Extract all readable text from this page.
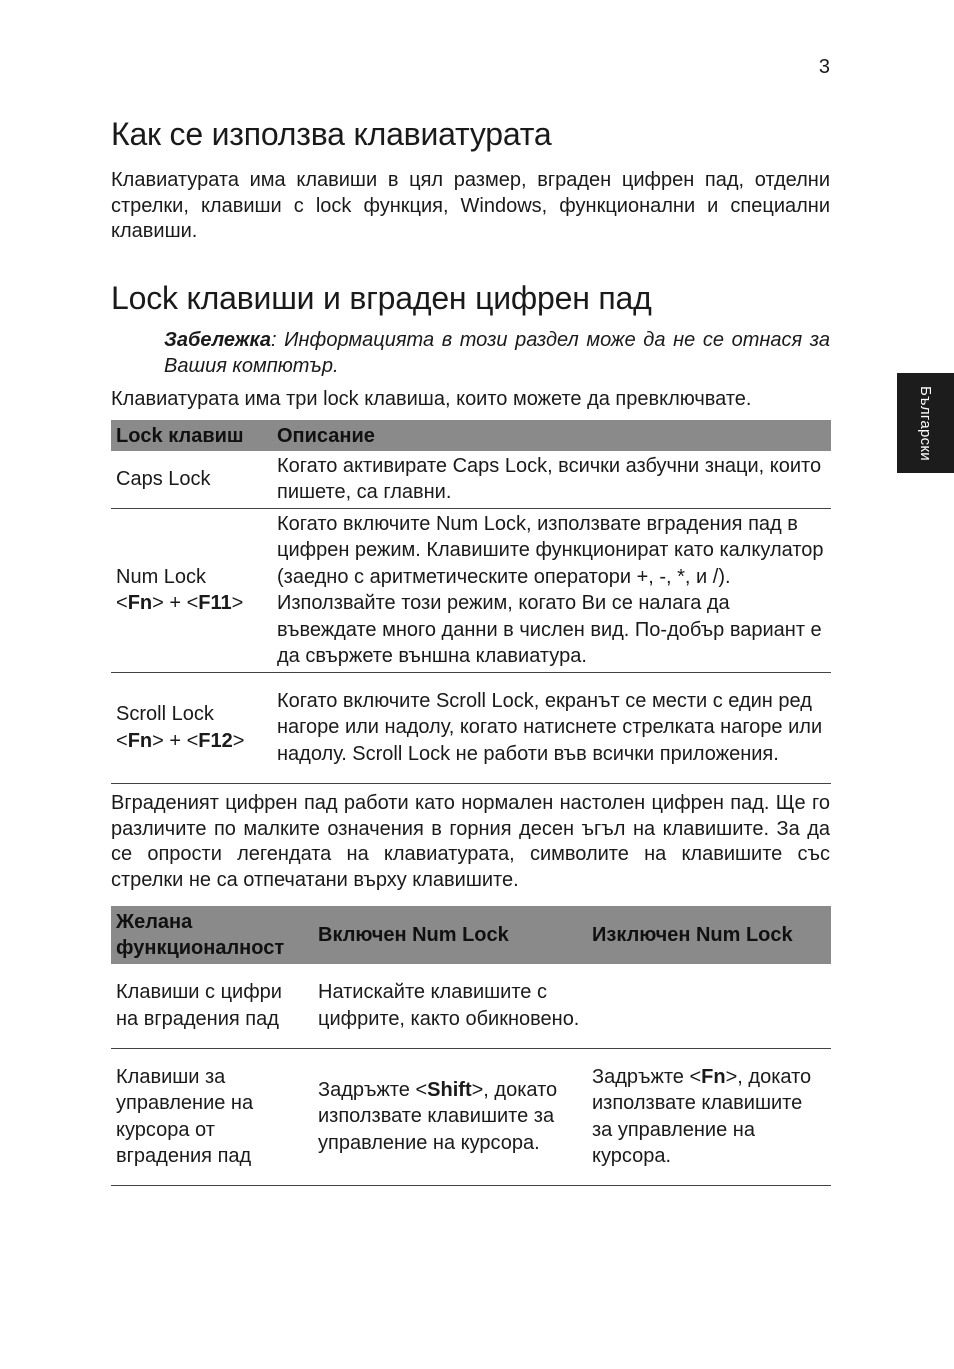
3
Български
Как се използва клавиатурата

Клавиатурата има клавиши в цял размер, вграден цифрен пад, отделни стрелки, клавиши с lock функция, Windows, функционални и специални клавиши.

Lock клавиши и вграден цифрен пад

Забележка: Информацията в този раздел може да не се отнася за Вашия компютър.

Клавиатурата има три lock клавиша, които можете да превключвате.

Lock клавиш	Описание
Caps Lock	Когато активирате Caps Lock, всички азбучни знаци, които пишете, са главни.
Num Lock
<Fn> + <F11>	Когато включите Num Lock, използвате вградения пад в цифрен режим. Клавишите функционират като калкулатор (заедно с аритметическите оператори +, -, *, и /). Използвайте този режим, когато Ви се налага да въвеждате много данни в числен вид. По-добър вариант е да свържете външна клавиатура.
Scroll Lock
<Fn> + <F12>	Когато включите Scroll Lock, екранът се мести с един ред нагоре или надолу, когато натиснете стрелката нагоре или надолу. Scroll Lock не работи във всички приложения.

Вграденият цифрен пад работи като нормален настолен цифрен пад. Ще го различите по малките означения в горния десен ъгъл на клавишите. За да се опрости легендата на клавиатурата, символите на клавишите със стрелки не са отпечатани върху клавишите.

Желана функционалност	Включен Num Lock	Изключен Num Lock
Клавиши с цифри на вградения пад	Натискайте клавишите с цифрите, както обикновено.	
Клавиши за управление на курсора от вградения пад	Задръжте <Shift>, докато използвате клавишите за управление на курсора.	Задръжте <Fn>, докато използвате клавишите за управление на курсора.
